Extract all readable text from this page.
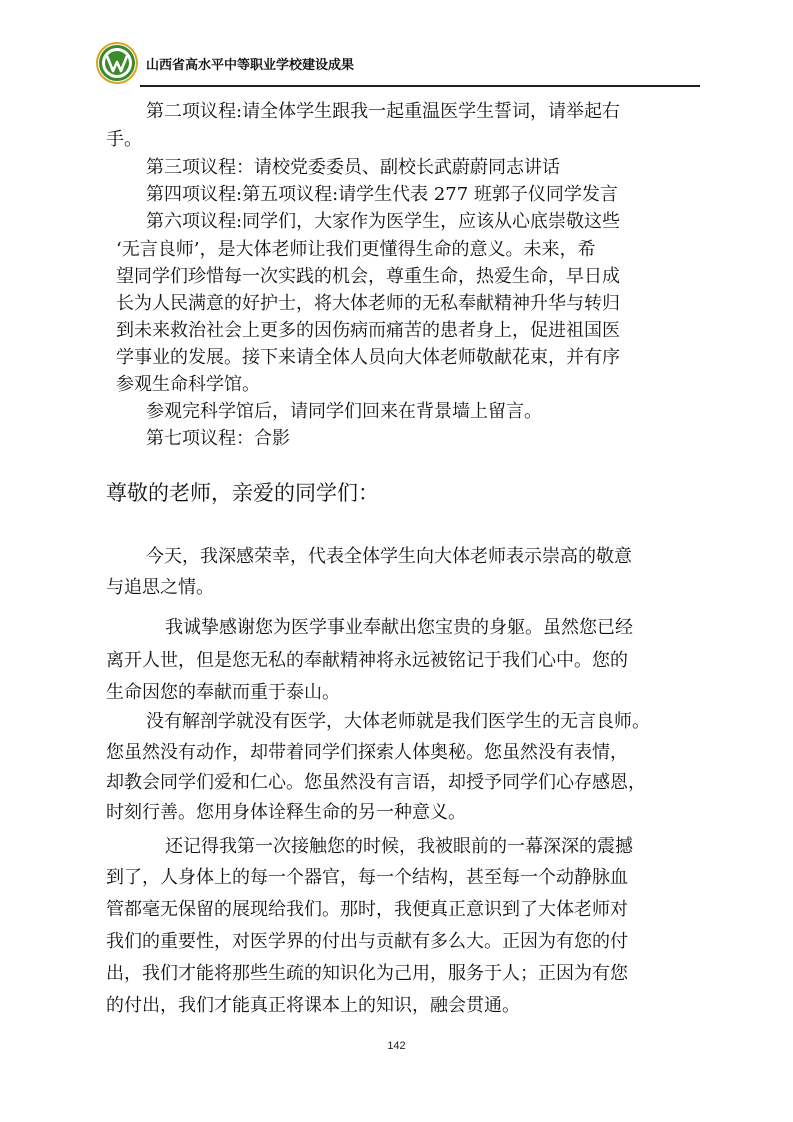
山西省高水平中等职业学校建设成果
第二项议程:请全体学生跟我一起重温医学生誓词，请举起右
手。
第三项议程：请校党委委员、副校长武蔚蔚同志讲话
第四项议程:第五项议程:请学生代表 277 班郭子仪同学发言
第六项议程:同学们，大家作为医学生，应该从心底崇敬这些
‘无言良师’，是大体老师让我们更懂得生命的意义。未来，希
望同学们珍惜每一次实践的机会，尊重生命，热爱生命，早日成
长为人民满意的好护士，将大体老师的无私奉献精神升华与转归
到未来救治社会上更多的因伤病而痛苦的患者身上，促进祖国医
学事业的发展。接下来请全体人员向大体老师敬献花束，并有序
参观生命科学馆。
参观完科学馆后，请同学们回来在背景墙上留言。
第七项议程：合影
尊敬的老师，亲爱的同学们：
今天，我深感荣幸，代表全体学生向大体老师表示崇高的敬意
与追思之情。
我诚挚感谢您为医学事业奉献出您宝贵的身躯。虽然您已经
离开人世，但是您无私的奉献精神将永远被铭记于我们心中。您的
生命因您的奉献而重于泰山。
没有解剖学就没有医学，大体老师就是我们医学生的无言良师。
您虽然没有动作，却带着同学们探索人体奥秘。您虽然没有表情，
却教会同学们爱和仁心。您虽然没有言语，却授予同学们心存感恩，
时刻行善。您用身体诠释生命的另一种意义。
还记得我第一次接触您的时候，我被眼前的一幕深深的震撼
到了，人身体上的每一个器官，每一个结构，甚至每一个动静脉血
管都毫无保留的展现给我们。那时，我便真正意识到了大体老师对
我们的重要性，对医学界的付出与贡献有多么大。正因为有您的付
出，我们才能将那些生疏的知识化为己用，服务于人；正因为有您
的付出，我们才能真正将课本上的知识，融会贯通。
142
